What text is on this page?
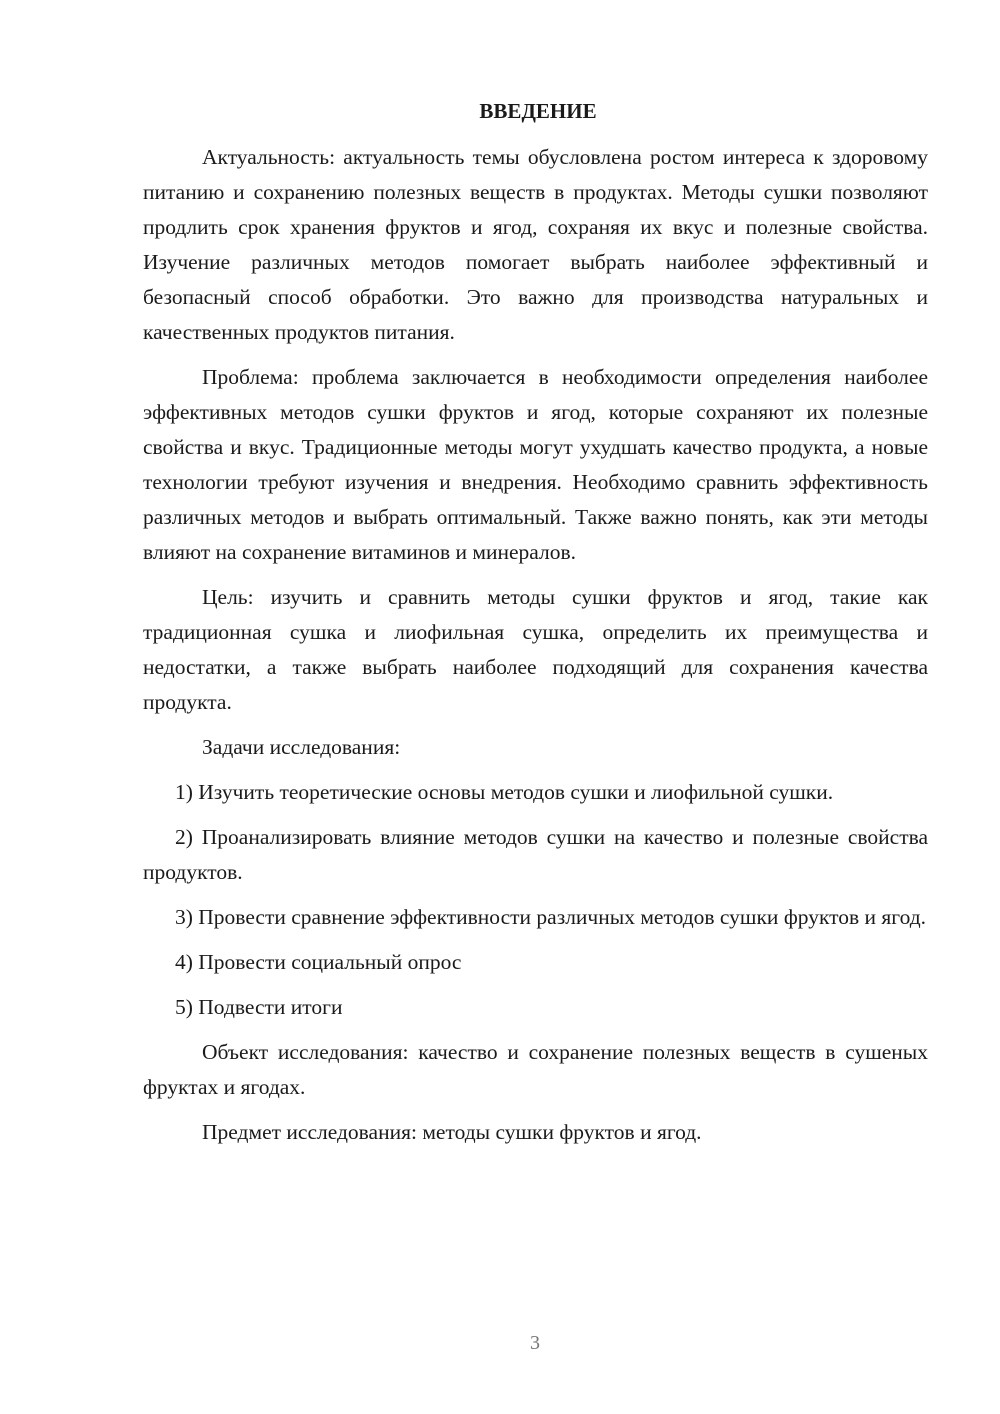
ВВЕДЕНИЕ

Актуальность: актуальность темы обусловлена ростом интереса к здоровому питанию и сохранению полезных веществ в продуктах. Методы сушки позволяют продлить срок хранения фруктов и ягод, сохраняя их вкус и полезные свойства. Изучение различных методов помогает выбрать наиболее эффективный и безопасный способ обработки. Это важно для производства натуральных и качественных продуктов питания.

Проблема: проблема заключается в необходимости определения наиболее эффективных методов сушки фруктов и ягод, которые сохраняют их полезные свойства и вкус. Традиционные методы могут ухудшать качество продукта, а новые технологии требуют изучения и внедрения. Необходимо сравнить эффективность различных методов и выбрать оптимальный. Также важно понять, как эти методы влияют на сохранение витаминов и минералов.

Цель: изучить и сравнить методы сушки фруктов и ягод, такие как традиционная сушка и лиофильная сушка, определить их преимущества и недостатки, а также выбрать наиболее подходящий для сохранения качества продукта.

Задачи исследования:

1) Изучить теоретические основы методов сушки и лиофильной сушки.

2) Проанализировать влияние методов сушки на качество и полезные свойства продуктов.

3) Провести сравнение эффективности различных методов сушки фруктов и ягод.

4) Провести социальный опрос

5) Подвести итоги

Объект исследования: качество и сохранение полезных веществ в сушеных фруктах и ягодах.

Предмет исследования: методы сушки фруктов и ягод.

3
